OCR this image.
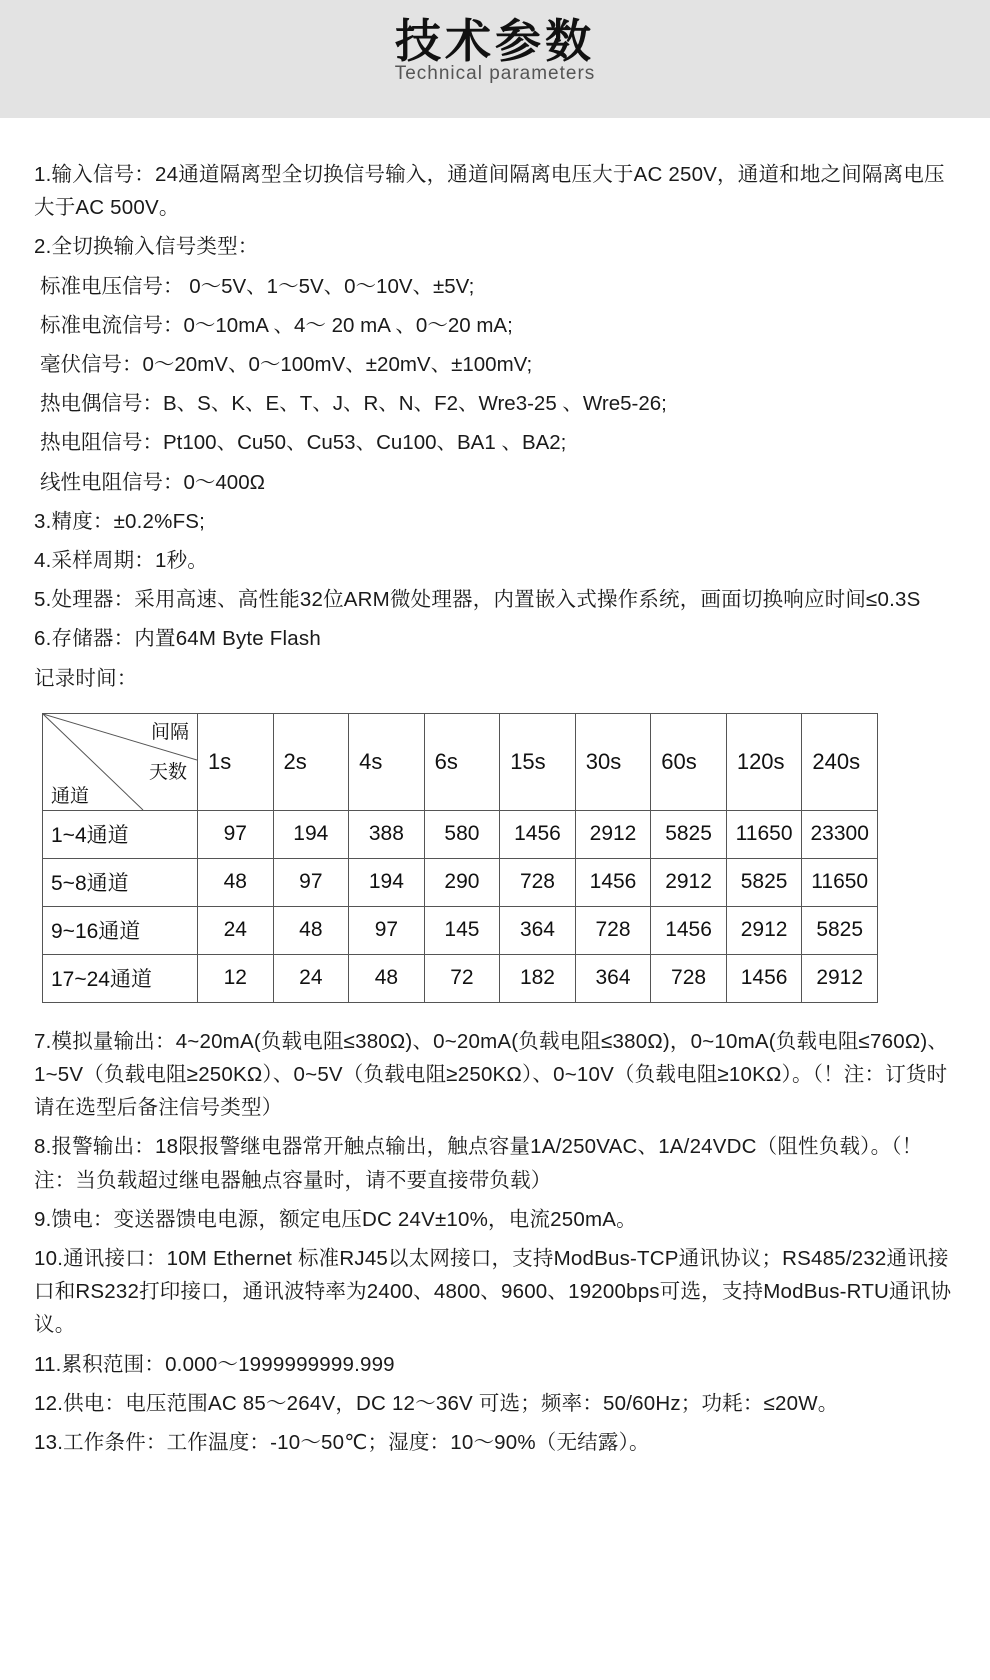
技术参数
Technical parameters

1.输入信号：24通道隔离型全切换信号输入，通道间隔离电压大于AC 250V，通道和地之间隔离电压大于AC 500V。

2.全切换输入信号类型：

标准电压信号： 0～5V、1～5V、0～10V、±5V;

标准电流信号：0～10mA 、4～ 20 mA 、0～20 mA;

毫伏信号：0～20mV、0～100mV、±20mV、±100mV;

热电偶信号：B、S、K、E、T、J、R、N、F2、Wre3-25 、Wre5-26;

热电阻信号：Pt100、Cu50、Cu53、Cu100、BA1 、BA2;

线性电阻信号：0～400Ω

3.精度：±0.2%FS;

4.采样周期：1秒。

5.处理器：采用高速、高性能32位ARM微处理器，内置嵌入式操作系统，画面切换响应时间≤0.3S

6.存储器：内置64M Byte Flash

记录时间：

间隔
天数
通道	1s	2s	4s	6s	15s	30s	60s	120s	240s
1~4通道	97	194	388	580	1456	2912	5825	11650	23300
5~8通道	48	97	194	290	728	1456	2912	5825	11650
9~16通道	24	48	97	145	364	728	1456	2912	5825
17~24通道	12	24	48	72	182	364	728	1456	2912

7.模拟量输出：4~20mA(负载电阻≤380Ω)、0~20mA(负载电阻≤380Ω)，0~10mA(负载电阻≤760Ω)、1~5V（负载电阻≥250KΩ）、0~5V（负载电阻≥250KΩ）、0~10V（负载电阻≥10KΩ）。（！注：订货时请在选型后备注信号类型）

8.报警输出：18限报警继电器常开触点输出，触点容量1A/250VAC、1A/24VDC（阻性负载）。（！注：当负载超过继电器触点容量时，请不要直接带负载）

9.馈电：变送器馈电电源，额定电压DC 24V±10%，电流250mA。

10.通讯接口：10M Ethernet 标准RJ45以太网接口，支持ModBus-TCP通讯协议；RS485/232通讯接口和RS232打印接口，通讯波特率为2400、4800、9600、19200bps可选，支持ModBus-RTU通讯协议。

11.累积范围：0.000～1999999999.999

12.供电：电压范围AC 85～264V，DC 12～36V 可选；频率：50/60Hz；功耗：≤20W。

13.工作条件：工作温度：-10～50℃；湿度：10～90%（无结露）。
